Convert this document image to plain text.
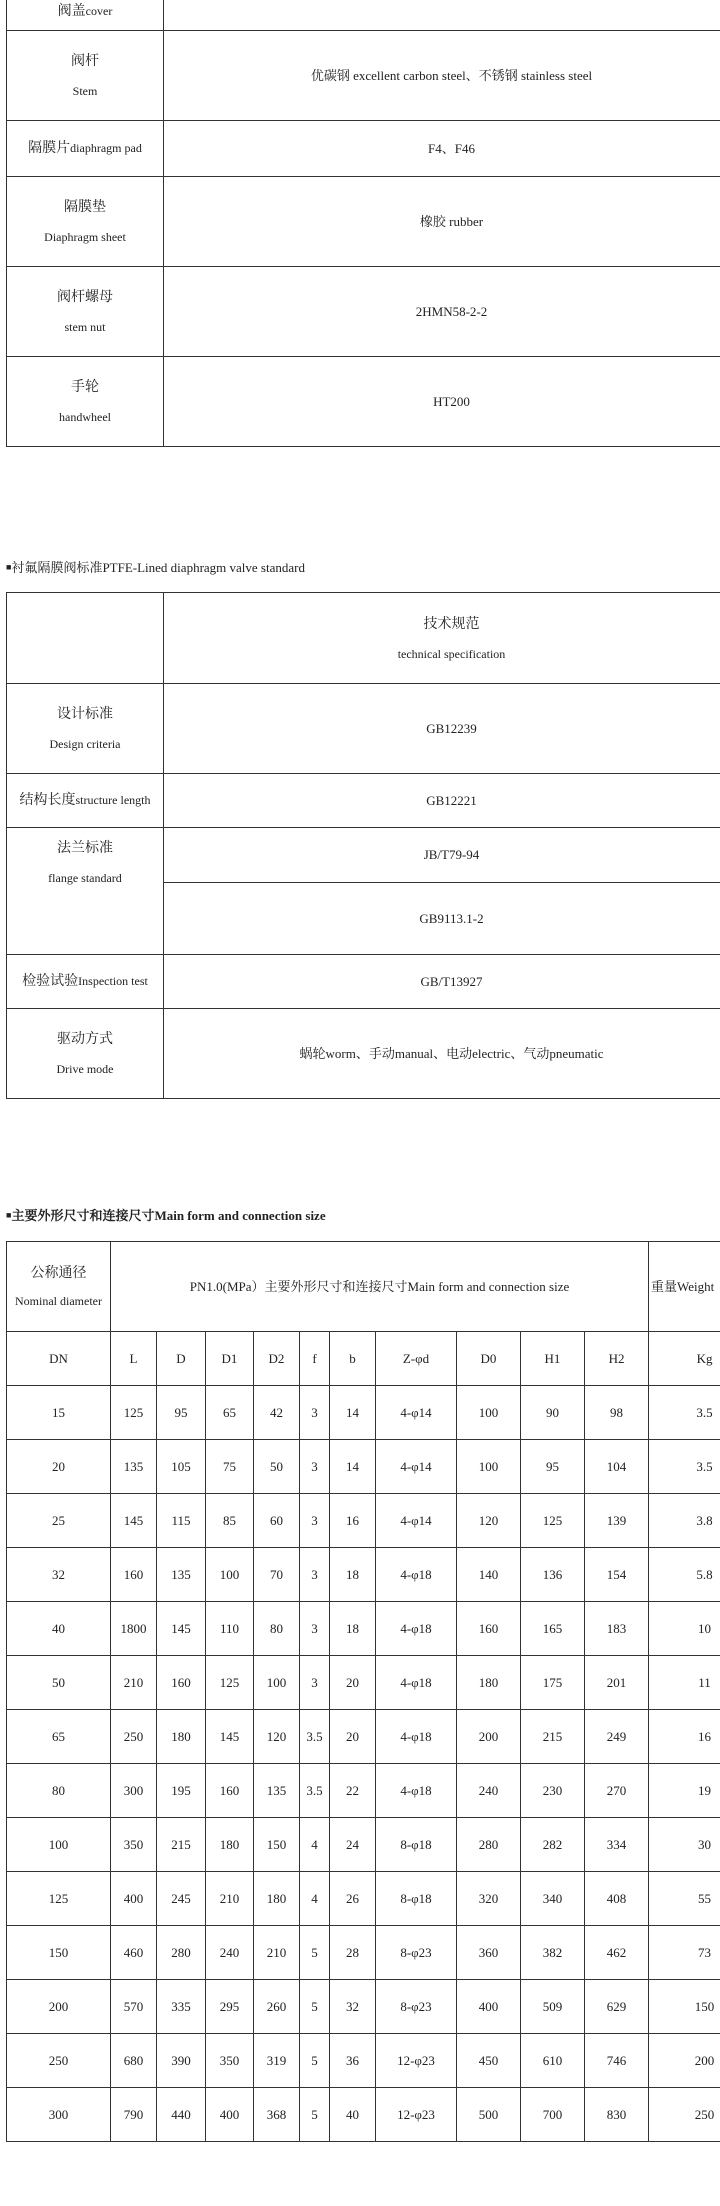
阀盖cover	

阀杆
Stem	优碳钢 excellent carbon steel、不锈钢 stainless steel
隔膜片diaphragm pad	F4、F46

隔膜垫
Diaphragm sheet	橡胶 rubber

阀杆螺母
stem nut	2HMN58-2-2

手轮
handwheel	HT200
■衬氟隔膜阀标准PTFE-Lined diaphragm valve standard

	技术规范
technical specification

设计标准
Design criteria	GB12239
结构长度structure length	GB12221

法兰标准
flange standard	JB/T79-94
	GB9113.1-2
检验试验Inspection test	GB/T13927

驱动方式
Drive mode	蜗轮worm、手动manual、电动electric、气动pneumatic
■主要外形尺寸和连接尺寸Main form and connection size
公称通径
Nominal diameter	PN1.0(MPa）主要外形尺寸和连接尺寸Main form and connection size										重量Weight
DN	L	D	D1	D2	f	b	Z-φd	D0	H1	H2	Kg
15	125	95	65	42	3	14	4-φ14	100	90	98	3.5
20	135	105	75	50	3	14	4-φ14	100	95	104	3.5
25	145	115	85	60	3	16	4-φ14	120	125	139	3.8
32	160	135	100	70	3	18	4-φ18	140	136	154	5.8
40	1800	145	110	80	3	18	4-φ18	160	165	183	10
50	210	160	125	100	3	20	4-φ18	180	175	201	11
65	250	180	145	120	3.5	20	4-φ18	200	215	249	16
80	300	195	160	135	3.5	22	4-φ18	240	230	270	19
100	350	215	180	150	4	24	8-φ18	280	282	334	30
125	400	245	210	180	4	26	8-φ18	320	340	408	55
150	460	280	240	210	5	28	8-φ23	360	382	462	73
200	570	335	295	260	5	32	8-φ23	400	509	629	150
250	680	390	350	319	5	36	12-φ23	450	610	746	200
300	790	440	400	368	5	40	12-φ23	500	700	830	250
